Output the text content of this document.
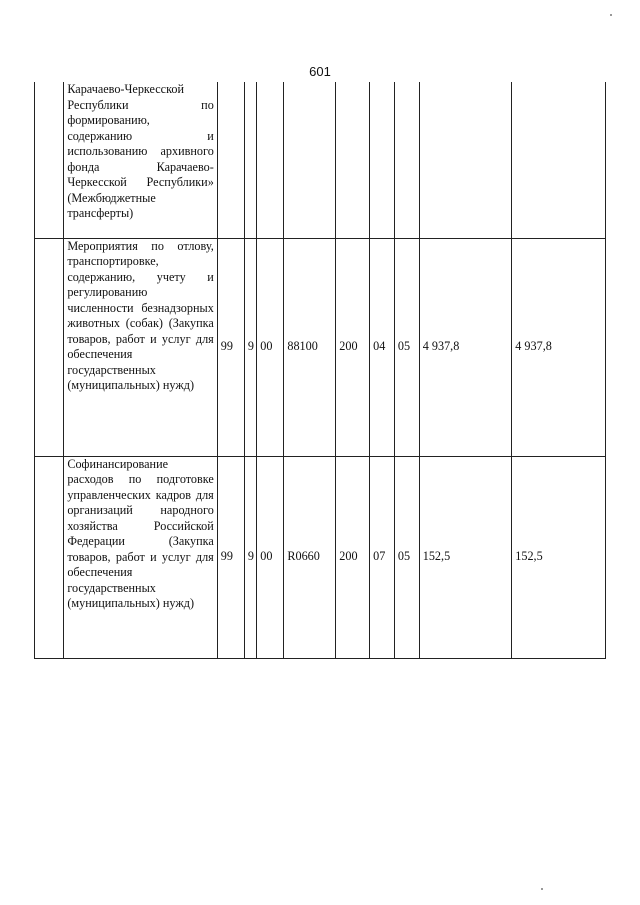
601
	Карачаево-Черкесской Республики по формированию, содержанию и использованию архивного фонда Карачаево-Черкесской Республики» (Межбюджетные трансферты)									
	Мероприятия по отлову, транспортировке, содержанию, учету и регулированию численности безнадзорных животных (собак) (Закупка товаров, работ и услуг для обеспечения государственных (муниципальных) нужд)	99	9	00	88100	200	04	05	4 937,8	4 937,8
	Софинансирование расходов по подготовке управленческих кадров для организаций народного хозяйства Российской Федерации (Закупка товаров, работ и услуг для обеспечения государственных (муниципальных) нужд)	99	9	00	R0660	200	07	05	152,5	152,5
